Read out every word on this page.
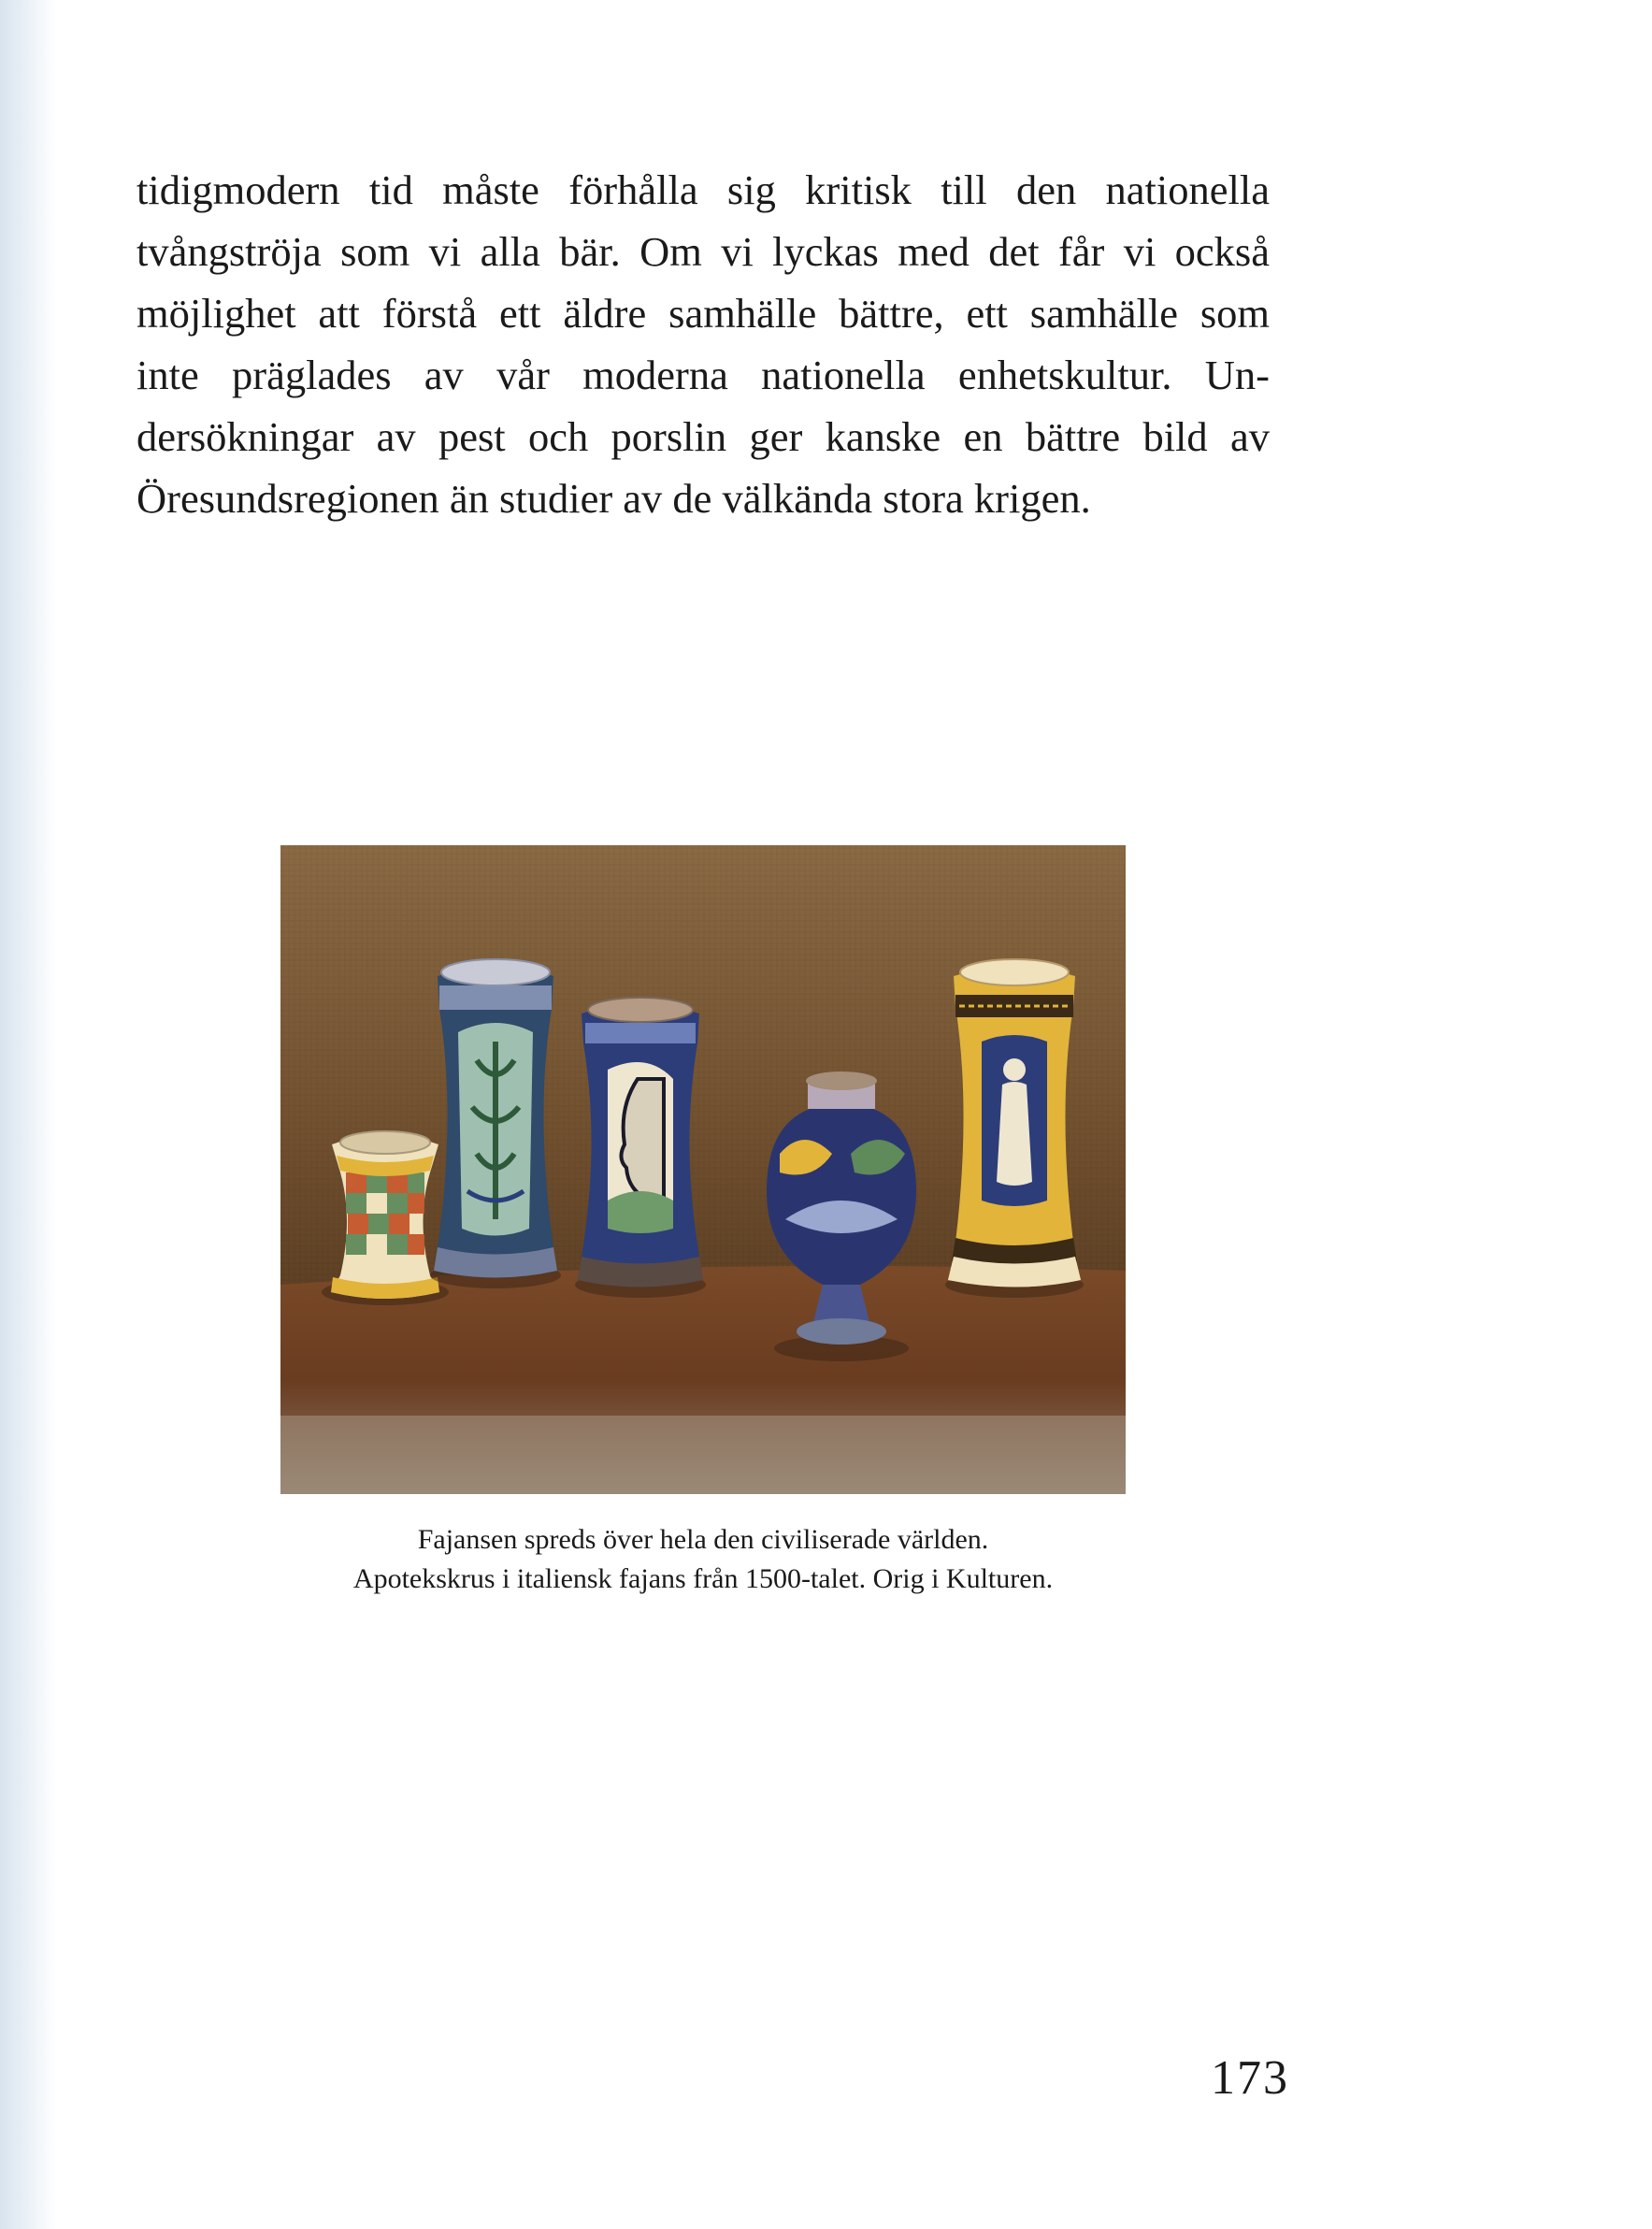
tidigmodern tid måste förhålla sig kritisk till den nationella
tvångströja som vi alla bär. Om vi lyckas med det får vi också
möjlighet att förstå ett äldre samhälle bättre, ett samhälle som
inte präglades av vår moderna nationella enhetskultur. Un-
dersökningar av pest och porslin ger kanske en bättre bild av
Öresundsregionen än studier av de välkända stora krigen.
Fajansen spreds över hela den civiliserade världen.
Apotekskrus i italiensk fajans från 1500-talet. Orig i Kulturen.
173
